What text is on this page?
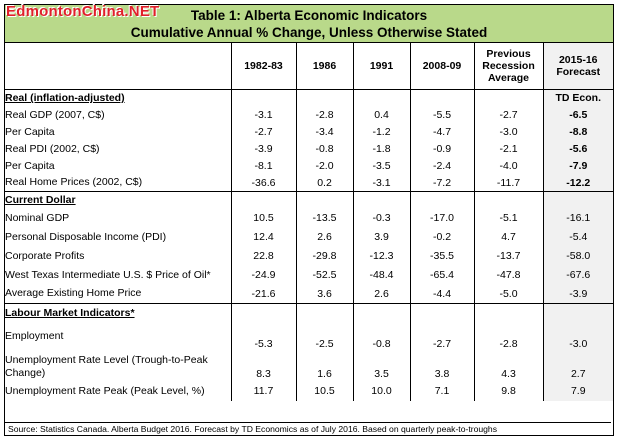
Table 1: Alberta Economic Indicators
Cumulative Annual % Change, Unless Otherwise Stated
EdmontonChina.NET
	1982-83	1986	1991	2008-09	Previous Recession Average	2015-16 Forecast
Real (inflation-adjusted)						TD Econ.
Real GDP (2007, C$)	-3.1	-2.8	0.4	-5.5	-2.7	-6.5
Per Capita	-2.7	-3.4	-1.2	-4.7	-3.0	-8.8
Real PDI (2002, C$)	-3.9	-0.8	-1.8	-0.9	-2.1	-5.6
Per Capita	-8.1	-2.0	-3.5	-2.4	-4.0	-7.9
Real Home Prices (2002, C$)	-36.6	0.2	-3.1	-7.2	-11.7	-12.2
Current Dollar						
Nominal GDP	10.5	-13.5	-0.3	-17.0	-5.1	-16.1
Personal Disposable Income (PDI)	12.4	2.6	3.9	-0.2	4.7	-5.4
Corporate Profits	22.8	-29.8	-12.3	-35.5	-13.7	-58.0
West Texas Intermediate U.S. $ Price of Oil*	-24.9	-52.5	-48.4	-65.4	-47.8	-67.6
Average Existing Home Price	-21.6	3.6	2.6	-4.4	-5.0	-3.9
Labour Market Indicators*						
Employment	-5.3	-2.5	-0.8	-2.7	-2.8	-3.0
Unemployment Rate Level (Trough-to-Peak Change)	8.3	1.6	3.5	3.8	4.3	2.7
Unemployment Rate Peak (Peak Level, %)	11.7	10.5	10.0	7.1	9.8	7.9
Source: Statistics Canada. Alberta Budget 2016. Forecast by TD Economics as of July 2016. Based on quarterly peak-to-troughs
